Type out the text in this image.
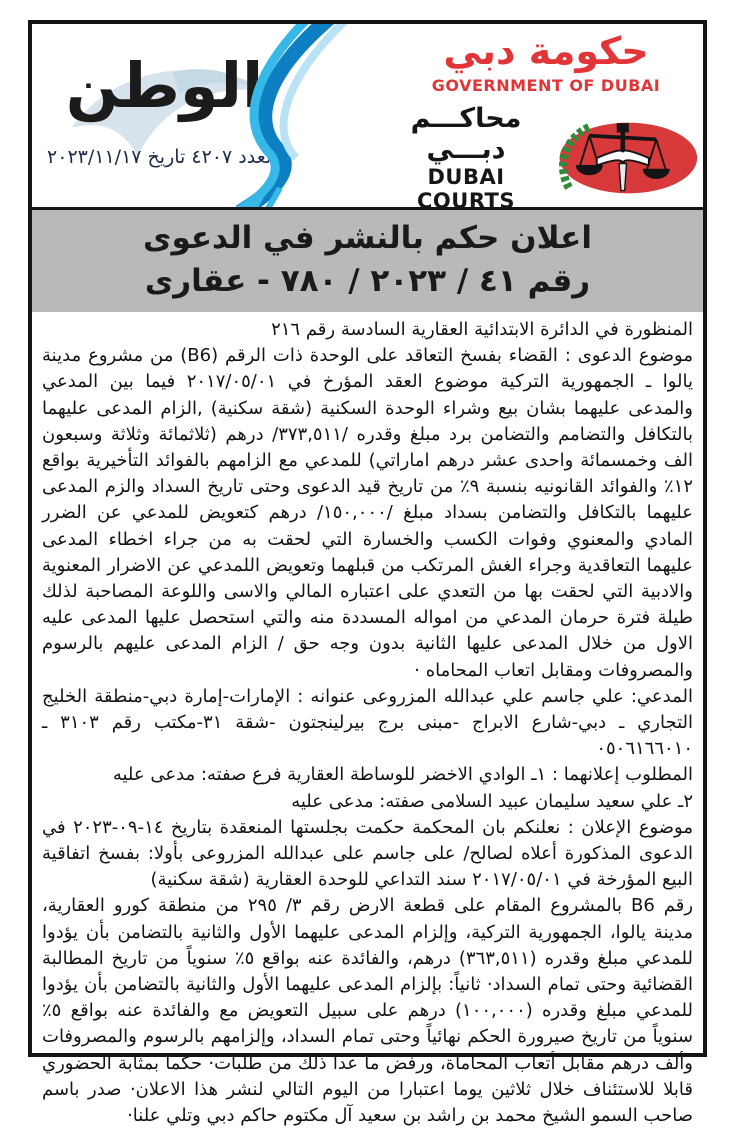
الوطن
العدد ٤٢٠٧ تاريخ ٢٠٢٣/١١/١٧
حكومة دبي
GOVERNMENT OF DUBAI
محاكـــم دبـــي
DUBAI COURTS
اعلان حكم بالنشر في الدعوى
رقم ٤١ / ٢٠٢٣ / ٧٨٠ - عقارى

المنظورة في الدائرة الابتدائية العقارية السادسة رقم ٢١٦

موضوع الدعوى : القضاء بفسخ التعاقد على الوحدة ذات الرقم (B6) من مشروع مدينة يالوا ـ الجمهورية التركية موضوع العقد المؤرخ في ٢٠١٧/٠٥/٠١ فيما بين المدعي والمدعى عليهما بشان بيع وشراء الوحدة السكنية (شقة سكنية) ,الزام المدعى عليهما بالتكافل والتضامم والتضامن برد مبلغ وقدره /٣٧٣,٥١١/ درهم (ثلاثمائة وثلاثة وسبعون الف وخمسمائة واحدى عشر درهم اماراتي) للمدعي مع الزامهم بالفوائد التأخيرية بواقع ١٢٪ والفوائد القانونيه بنسبة ٩٪ من تاريخ قيد الدعوى وحتى تاريخ السداد والزم المدعى عليهما بالتكافل والتضامن بسداد مبلغ /١٥٠,٠٠٠/ درهم كتعويض للمدعي عن الضرر المادي والمعنوي وفوات الكسب والخسارة التي لحقت به من جراء اخطاء المدعى عليهما التعاقدية وجراء الغش المرتكب من قبلهما وتعويض اللمدعي عن الاضرار المعنوية والادبية التي لحقت بها من التعدي على اعتباره المالي والاسى واللوعة المصاحبة لذلك طيلة فترة حرمان المدعي من امواله المسددة منه والتي استحصل عليها المدعى عليه الاول من خلال المدعى عليها الثانية بدون وجه حق / الزام المدعى عليهم بالرسوم والمصروفات ومقابل اتعاب المحاماه ·

المدعي: علي جاسم علي عبدالله المزروعى عنوانه : الإمارات-إمارة دبي-منطقة الخليج التجاري ـ دبي-شارع الابراج -مبنى برج بيرلينجتون -شقة ٣١-مكتب رقم ٣١٠٣ ـ ٠٥٠٦١٦٦٠١٠

المطلوب إعلانهما : ١ـ الوادي الاخضر للوساطة العقارية فرع صفته: مدعى عليه

٢ـ علي سعيد سليمان عبيد السلامى صفته: مدعى عليه

موضوع الإعلان : نعلنكم بان المحكمة حكمت بجلستها المنعقدة بتاريخ ١٤-٠٩-٢٠٢٣ في الدعوى المذكورة أعلاه لصالح/ على جاسم على عبدالله المزروعى بأولا: بفسخ اتفاقية البيع المؤرخة في ٢٠١٧/٠٥/٠١ سند التداعي للوحدة العقارية (شقة سكنية)

رقم B6 بالمشروع المقام على قطعة الارض رقم ٣/ ٢٩٥ من منطقة كورو العقارية، مدينة يالوا، الجمهورية التركية، وإلزام المدعى عليهما الأول والثانية بالتضامن بأن يؤدوا للمدعي مبلغ وقدره (٣٦٣,٥١١) درهم، والفائدة عنه بواقع ٥٪ سنوياً من تاريخ المطالبة القضائية وحتى تمام السداد· ثانياً: بإلزام المدعى عليهما الأول والثانية بالتضامن بأن يؤدوا للمدعي مبلغ وقدره (١٠٠,٠٠٠) درهم على سبيل التعويض مع والفائدة عنه بواقع ٥٪ سنوياً من تاريخ صيرورة الحكم نهائياً وحتى تمام السداد، وإلزامهم بالرسوم والمصروفات وألف درهم مقابل أتعاب المحاماة، ورفض ما عدا ذلك من طلبات· حكما بمثابة الحضوري قابلا للاستئناف خلال ثلاثين يوما اعتبارا من اليوم التالي لنشر هذا الاعلان· صدر باسم صاحب السمو الشيخ محمد بن راشد بن سعيد آل مكتوم حاكم دبي وتلي علنا·
